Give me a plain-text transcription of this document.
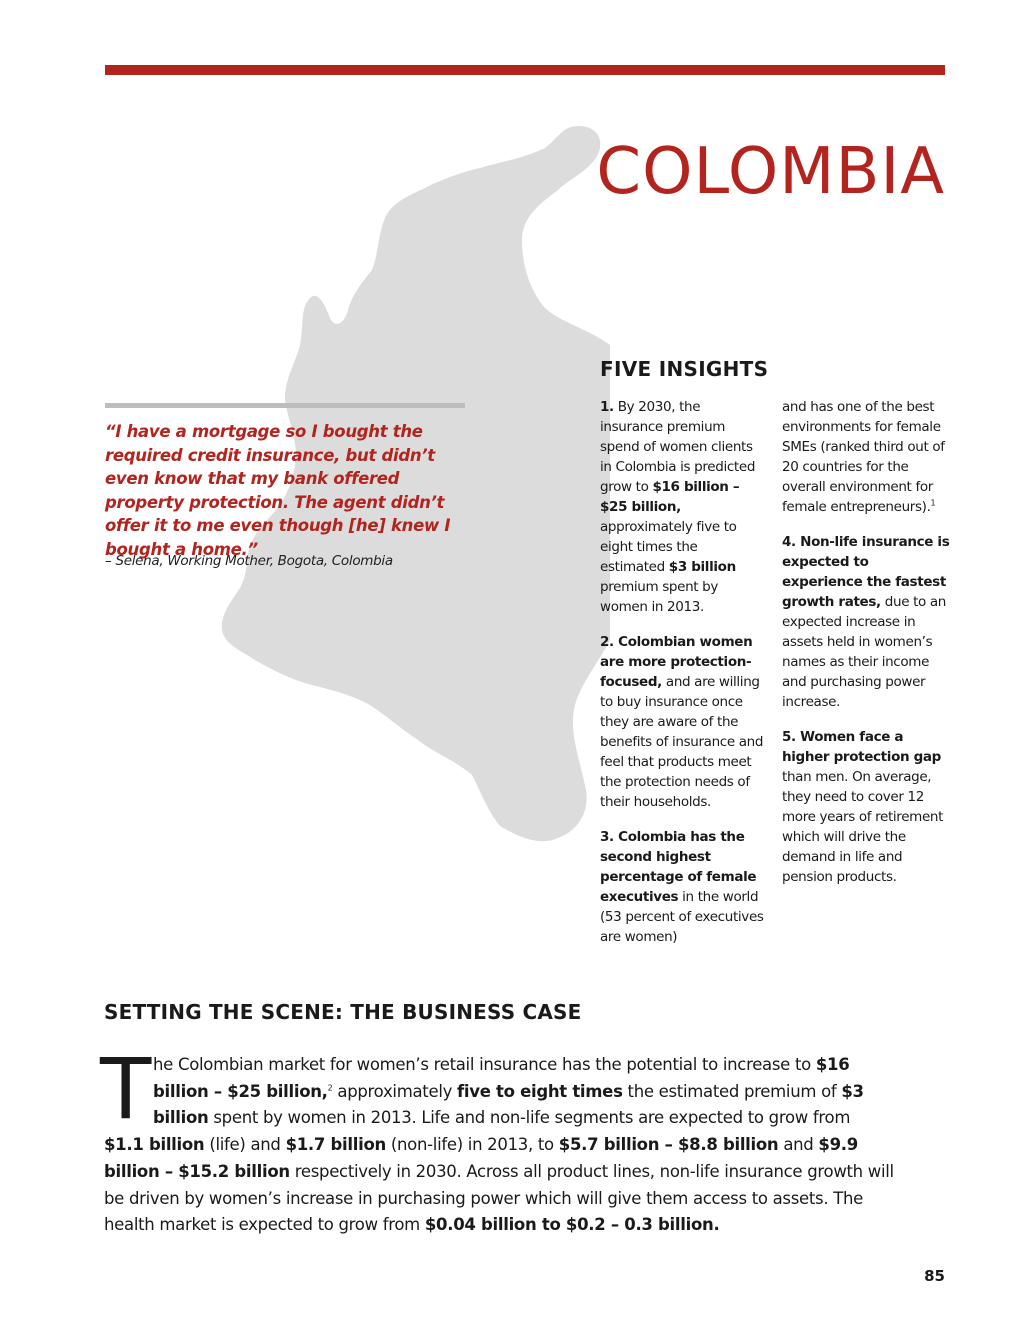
COLOMBIA

“I have a mortgage so I bought the required credit insurance, but didn’t even know that my bank offered property protection. The agent didn’t offer it to me even though [he] knew I bought a home.”

– Selena, Working Mother, Bogota, Colombia

FIVE INSIGHTS

1. By 2030, the insurance premium spend of women clients in Colombia is predicted grow to $16 billion – $25 billion, approximately five to eight times the estimated $3 billion premium spent by women in 2013.

2. Colombian women are more protection-focused, and are willing to buy insurance once they are aware of the benefits of insurance and feel that products meet the protection needs of their households.

3. Colombia has the second highest percentage of female executives in the world (53 percent of executives are women)

and has one of the best environments for female SMEs (ranked third out of 20 countries for the overall environment for female entrepreneurs).$^1$

4. Non-life insurance is expected to experience the fastest growth rates, due to an expected increase in assets held in women’s names as their income and purchasing power increase.

5. Women face a higher protection gap than men. On average, they need to cover 12 more years of retirement which will drive the demand in life and pension products.

SETTING THE SCENE: THE BUSINESS CASE

The Colombian market for women’s retail insurance has the potential to increase to $16 billion – $25 billion,$^2$ approximately five to eight times the estimated premium of $3 billion spent by women in 2013. Life and non-life segments are expected to grow from $1.1 billion (life) and $1.7 billion (non-life) in 2013, to $5.7 billion – $8.8 billion and $9.9 billion – $15.2 billion respectively in 2030. Across all product lines, non-life insurance growth will be driven by women’s increase in purchasing power which will give them access to assets. The health market is expected to grow from $0.04 billion to $0.2 – 0.3 billion.

85
